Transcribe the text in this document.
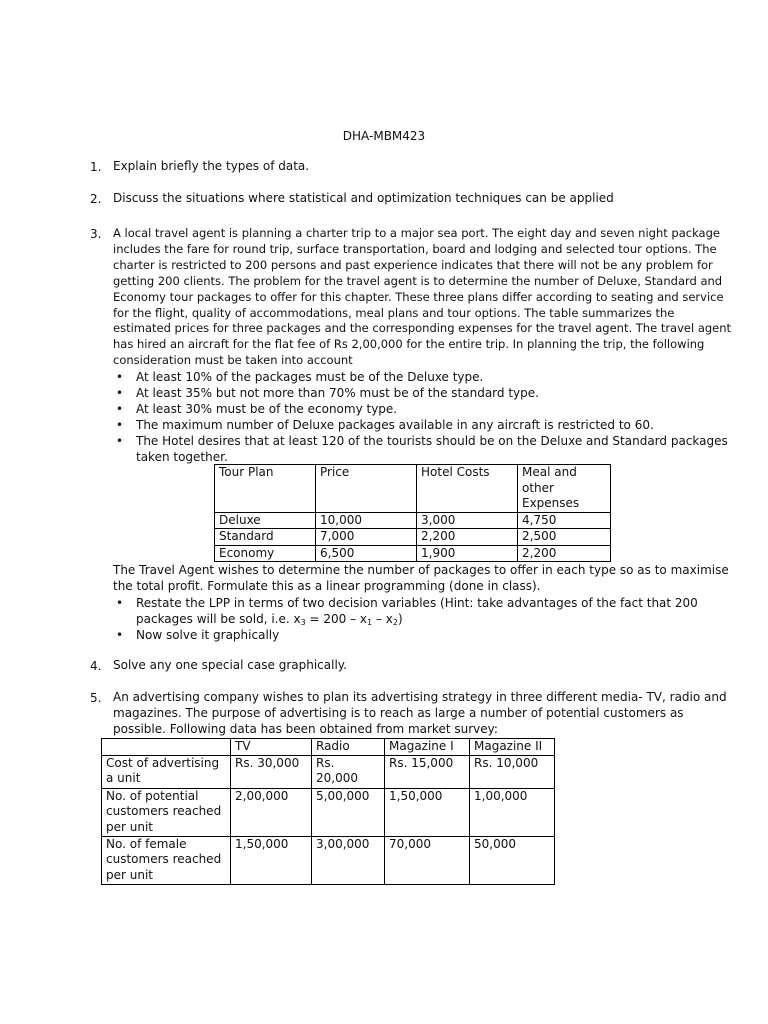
DHA-MBM423
1. Explain briefly the types of data.
2. Discuss the situations where statistical and optimization techniques can be applied
3. A local travel agent is planning a charter trip to a major sea port. The eight day and seven night package includes the fare for round trip, surface transportation, board and lodging and selected tour options. The charter is restricted to 200 persons and past experience indicates that there will not be any problem for getting 200 clients. The problem for the travel agent is to determine the number of Deluxe, Standard and Economy tour packages to offer for this chapter. These three plans differ according to seating and service for the flight, quality of accommodations, meal plans and tour options. The table summarizes the estimated prices for three packages and the corresponding expenses for the travel agent. The travel agent has hired an aircraft for the flat fee of Rs 2,00,000 for the entire trip. In planning the trip, the following consideration must be taken into account
• At least 10% of the packages must be of the Deluxe type.
• At least 35% but not more than 70% must be of the standard type.
• At least 30% must be of the economy type.
• The maximum number of Deluxe packages available in any aircraft is restricted to 60.
• The Hotel desires that at least 120 of the tourists should be on the Deluxe and Standard packages taken together.
Tour Plan	Price	Hotel Costs	Meal and other Expenses
Deluxe	10,000	3,000	4,750
Standard	7,000	2,200	2,500
Economy	6,500	1,900	2,200
The Travel Agent wishes to determine the number of packages to offer in each type so as to maximise the total profit. Formulate this as a linear programming (done in class).
• Restate the LPP in terms of two decision variables (Hint: take advantages of the fact that 200 packages will be sold, i.e. $x_3 = 200 - x_1 - x_2$)
• Now solve it graphically
4. Solve any one special case graphically.
5. An advertising company wishes to plan its advertising strategy in three different media- TV, radio and magazines. The purpose of advertising is to reach as large a number of potential customers as possible. Following data has been obtained from market survey:
	TV	Radio	Magazine I	Magazine II
Cost of advertising a unit	Rs. 30,000	Rs. 20,000	Rs. 15,000	Rs. 10,000
No. of potential customers reached per unit	2,00,000	5,00,000	1,50,000	1,00,000
No. of female customers reached per unit	1,50,000	3,00,000	70,000	50,000
